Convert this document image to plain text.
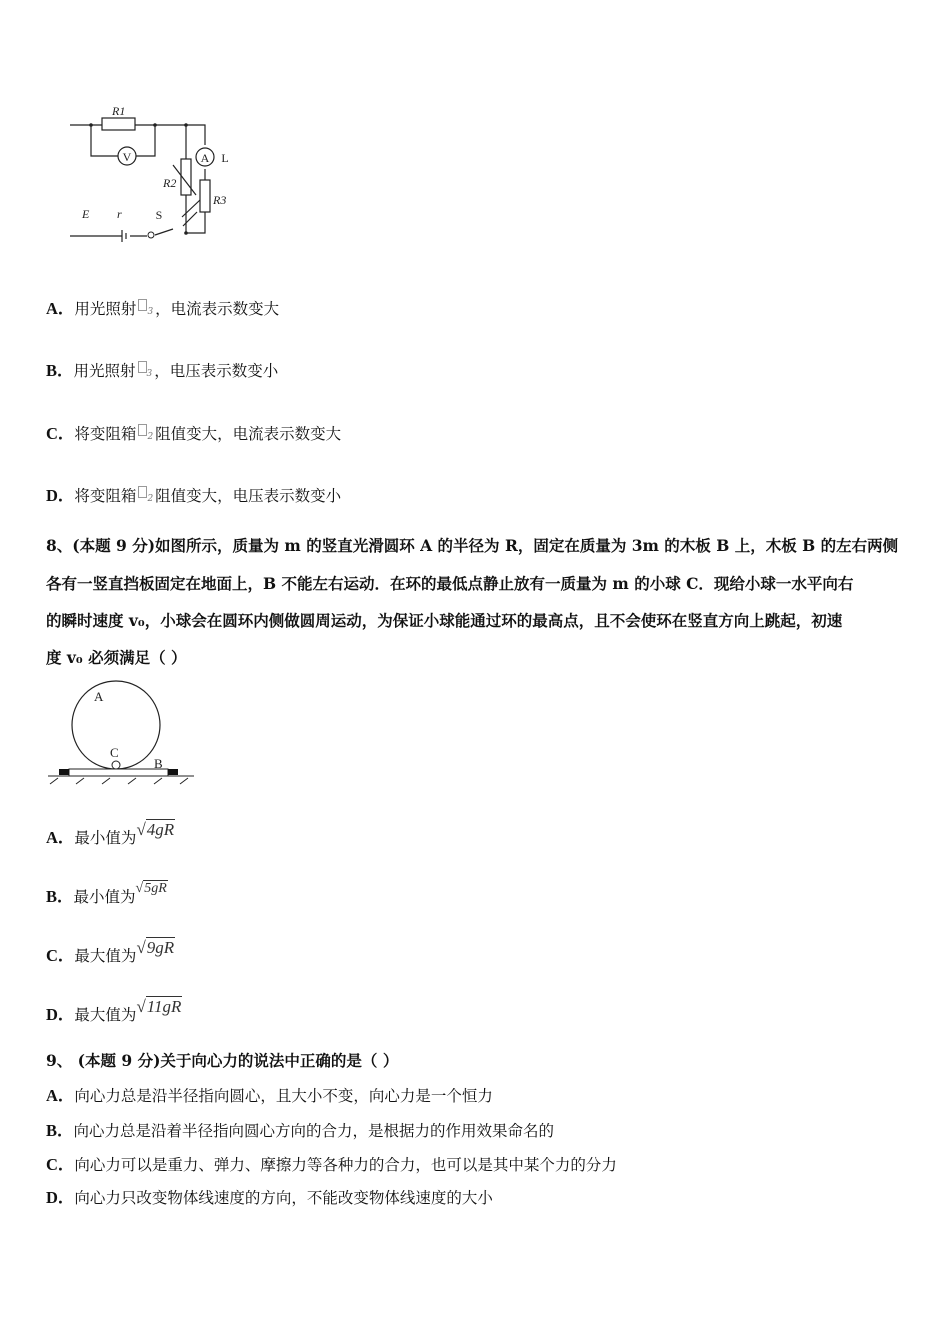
R1
R2
R3
E r
V	A L
S
A．用光照射 3 ，电流表示数变大
B．用光照射 3 ，电压表示数变小
C．将变阻箱 2 阻值变大，电流表示数变大
D．将变阻箱 2 阻值变大，电压表示数变小
8、(本题 9 分)如图所示，质量为 m 的竖直光滑圆环 A 的半径为 R，固定在质量为 3m 的木板 B 上，木板 B 的左右两侧
各有一竖直挡板固定在地面上，B 不能左右运动．在环的最低点静止放有一质量为 m 的小球 C．现给小球一水平向右
的瞬时速度 v₀，小球会在圆环内侧做圆周运动，为保证小球能通过环的最高点，且不会使环在竖直方向上跳起，初速
度 v₀ 必须满足（ ）
A
C
B
A．最小值为√4gR
B．最小值为√5gR
C．最大值为√9gR
D．最大值为√11gR
9、 (本题 9 分)关于向心力的说法中正确的是（ ）
A．向心力总是沿半径指向圆心，且大小不变，向心力是一个恒力
B．向心力总是沿着半径指向圆心方向的合力，是根据力的作用效果命名的
C．向心力可以是重力、弹力、摩擦力等各种力的合力，也可以是其中某个力的分力
D．向心力只改变物体线速度的方向，不能改变物体线速度的大小
